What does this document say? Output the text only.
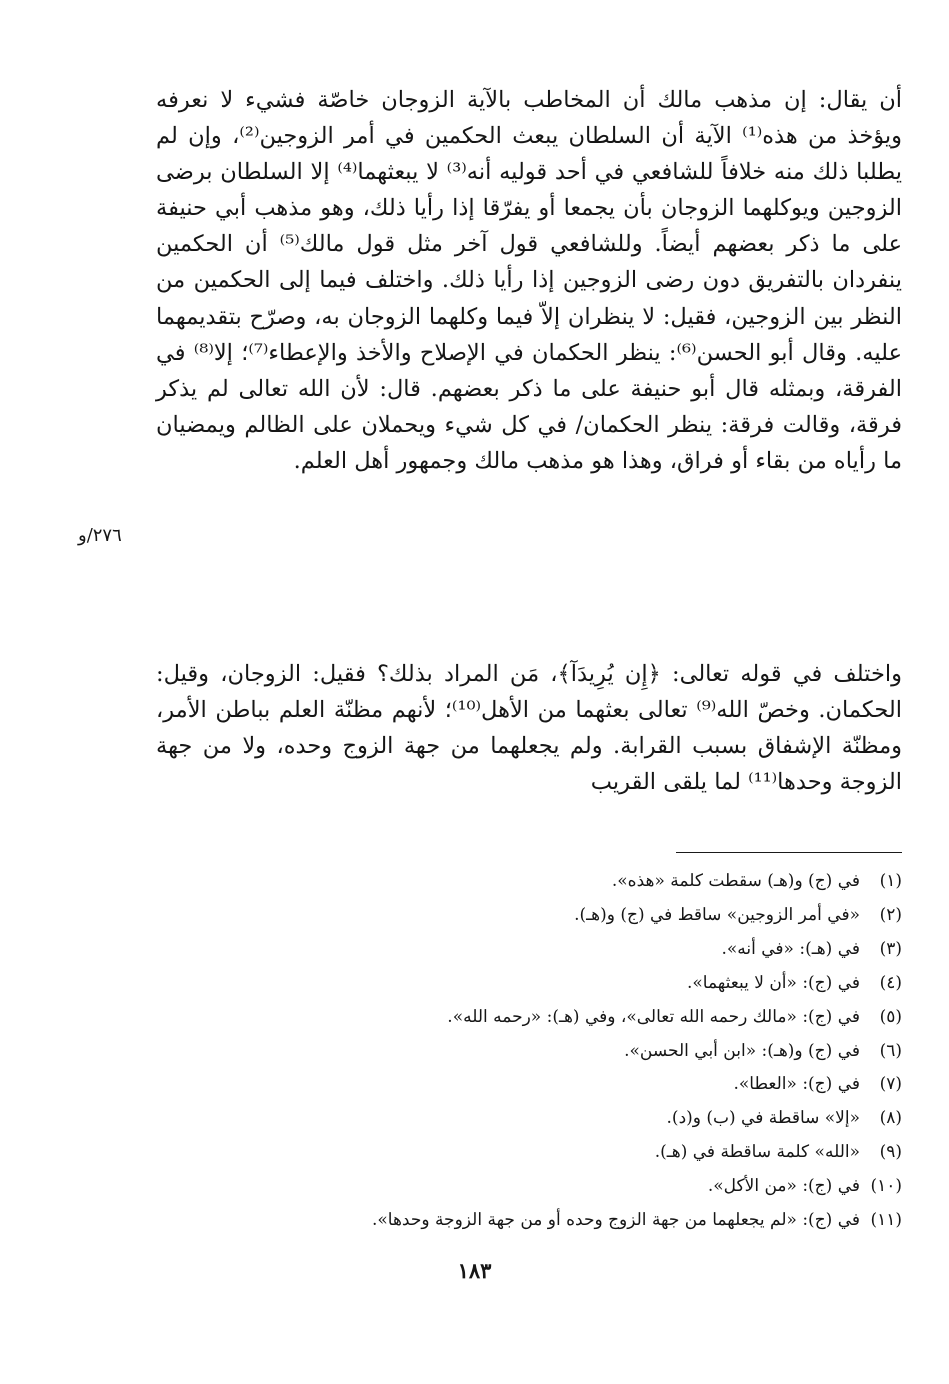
أن يقال: إن مذهب مالك أن المخاطب بالآية الزوجان خاصّة فشيء لا نعرفه ويؤخذ من هذه⁽¹⁾ الآية أن السلطان يبعث الحكمين في أمر الزوجين⁽²⁾، وإن لم يطلبا ذلك منه خلافاً للشافعي في أحد قوليه أنه⁽³⁾ لا يبعثهما⁽⁴⁾ إلا السلطان برضى الزوجين ويوكلهما الزوجان بأن يجمعا أو يفرّقا إذا رأيا ذلك، وهو مذهب أبي حنيفة على ما ذكر بعضهم أيضاً. وللشافعي قول آخر مثل قول مالك⁽⁵⁾ أن الحكمين ينفردان بالتفريق دون رضى الزوجين إذا رأيا ذلك. واختلف فيما إلى الحكمين من النظر بين الزوجين، فقيل: لا ينظران إلاّ فيما وكلهما الزوجان به، وصرّح بتقديمهما عليه. وقال أبو الحسن⁽⁶⁾: ينظر الحكمان في الإصلاح والأخذ والإعطاء⁽⁷⁾؛ إلا⁽⁸⁾ في الفرقة، وبمثله قال أبو حنيفة على ما ذكر بعضهم. قال: لأن الله تعالى لم يذكر فرقة، وقالت فرقة: ينظر الحكمان/ في كل شيء ويحملان على الظالم ويمضيان ما رأياه من بقاء أو فراق، وهذا هو مذهب مالك وجمهور أهل العلم.

٢٧٦/و

واختلف في قوله تعالى: ﴿إِن يُرِيدَآ﴾، مَن المراد بذلك؟ فقيل: الزوجان، وقيل: الحكمان. وخصّ الله⁽⁹⁾ تعالى بعثهما من الأهل⁽¹⁰⁾؛ لأنهم مظنّة العلم بباطن الأمر، ومظنّة الإشفاق بسبب القرابة. ولم يجعلهما من جهة الزوج وحده، ولا من جهة الزوجة وحدها⁽¹¹⁾ لما يلقى القريب

(١)
في (ج) و(هـ) سقطت كلمة «هذه».
(٢)
«في أمر الزوجين» ساقط في (ج) و(هـ).
(٣)
في (هـ): «في أنه».
(٤)
في (ج): «أن لا يبعثهما».
(٥)
في (ج): «مالك رحمه الله تعالى»، وفي (هـ): «رحمه الله».
(٦)
في (ج) و(هـ): «ابن أبي الحسن».
(٧)
في (ج): «العطا».
(٨)
«إلا» ساقطة في (ب) و(د).
(٩)
«الله» كلمة ساقطة في (هـ).
(١٠)
في (ج): «من الأكل».
(١١)
في (ج): «لم يجعلهما من جهة الزوج وحده أو من جهة الزوجة وحدها».
١٨٣
